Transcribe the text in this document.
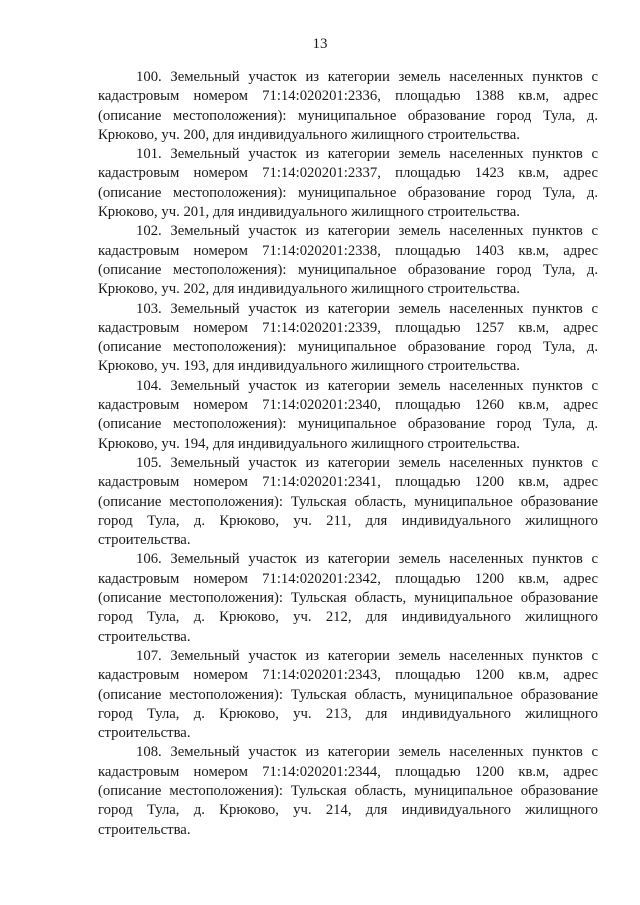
13

100. Земельный участок из категории земель населенных пунктов с кадастровым номером 71:14:020201:2336, площадью 1388 кв.м, адрес (описание местоположения): муниципальное образование город Тула, д. Крюково, уч. 200, для индивидуального жилищного строительства.

101. Земельный участок из категории земель населенных пунктов с кадастровым номером 71:14:020201:2337, площадью 1423 кв.м, адрес (описание местоположения): муниципальное образование город Тула, д. Крюково, уч. 201, для индивидуального жилищного строительства.

102. Земельный участок из категории земель населенных пунктов с кадастровым номером 71:14:020201:2338, площадью 1403 кв.м, адрес (описание местоположения): муниципальное образование город Тула, д. Крюково, уч. 202, для индивидуального жилищного строительства.

103. Земельный участок из категории земель населенных пунктов с кадастровым номером 71:14:020201:2339, площадью 1257 кв.м, адрес (описание местоположения): муниципальное образование город Тула, д. Крюково, уч. 193, для индивидуального жилищного строительства.

104. Земельный участок из категории земель населенных пунктов с кадастровым номером 71:14:020201:2340, площадью 1260 кв.м, адрес (описание местоположения): муниципальное образование город Тула, д. Крюково, уч. 194, для индивидуального жилищного строительства.

105. Земельный участок из категории земель населенных пунктов с кадастровым номером 71:14:020201:2341, площадью 1200 кв.м, адрес (описание местоположения): Тульская область, муниципальное образование город Тула, д. Крюково, уч. 211, для индивидуального жилищного строительства.

106. Земельный участок из категории земель населенных пунктов с кадастровым номером 71:14:020201:2342, площадью 1200 кв.м, адрес (описание местоположения): Тульская область, муниципальное образование город Тула, д. Крюково, уч. 212, для индивидуального жилищного строительства.

107. Земельный участок из категории земель населенных пунктов с кадастровым номером 71:14:020201:2343, площадью 1200 кв.м, адрес (описание местоположения): Тульская область, муниципальное образование город Тула, д. Крюково, уч. 213, для индивидуального жилищного строительства.

108. Земельный участок из категории земель населенных пунктов с кадастровым номером 71:14:020201:2344, площадью 1200 кв.м, адрес (описание местоположения): Тульская область, муниципальное образование город Тула, д. Крюково, уч. 214, для индивидуального жилищного строительства.
